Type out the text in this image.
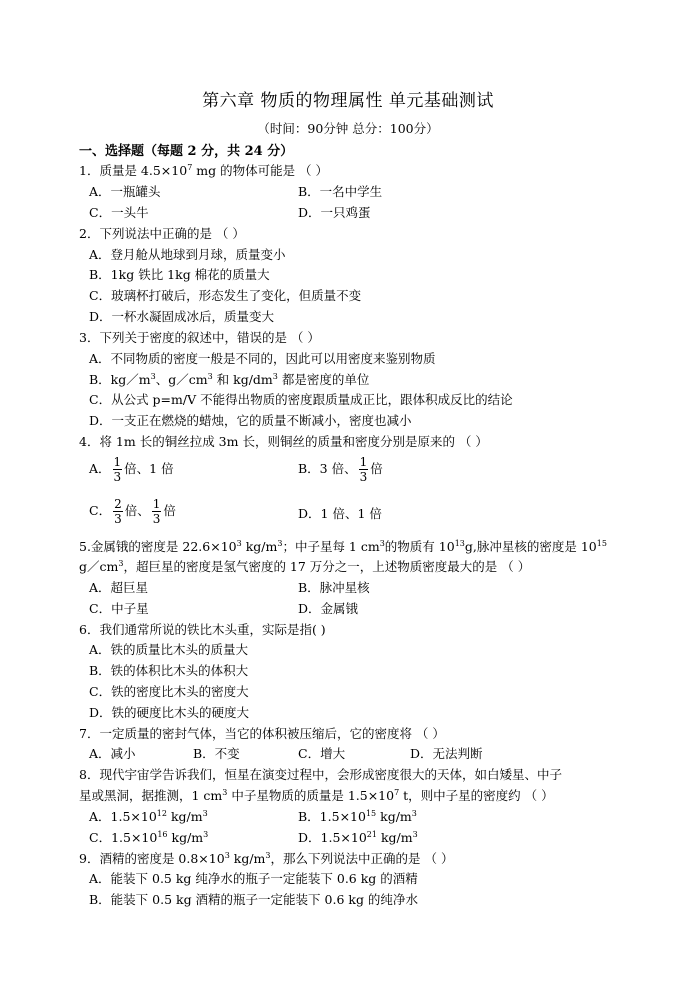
第六章 物质的物理属性 单元基础测试
（时间：90分钟 总分：100分）
一、选择题（每题 2 分，共 24 分）
1．质量是 $4.5\times 10^7$ mg 的物体可能是 （ ）
A．一瓶罐头	B．一名中学生
C．一头牛	D．一只鸡蛋
2．下列说法中正确的是 （ ）
A．登月舱从地球到月球，质量变小
B．1kg 铁比 1kg 棉花的质量大
C．玻璃杯打破后，形态发生了变化，但质量不变
D．一杯水凝固成冰后，质量变大
3．下列关于密度的叙述中，错误的是 （ ）
A．不同物质的密度一般是不同的，因此可以用密度来鉴别物质
B．$kg/m^3$、$g/cm^3$ 和 $kg/dm^3$ 都是密度的单位
C．从公式 p=m/V 不能得出物质的密度跟质量成正比，跟体积成反比的结论
D．一支正在燃烧的蜡烛，它的质量不断减小，密度也减小
4．将 1m 长的铜丝拉成 3m 长，则铜丝的质量和密度分别是原来的 （ ）
A． $\frac{1}{3}$ 倍、1 倍	B．3 倍、 $\frac{1}{3}$ 倍
C． $\frac{2}{3}$ 倍、 $\frac{1}{3}$ 倍	D．1 倍、1 倍
5.金属锇的密度是 $22.6\times 10^3$ $kg/m^3$；中子星每 1 $cm^3$的物质有 $10^{13}g$,脉冲星核的密度是 $10^{15}$
$g/cm^3$，超巨星的密度是氢气密度的 17 万分之一，上述物质密度最大的是 （ ）
A．超巨星	B．脉冲星核
C．中子星	D．金属锇
6．我们通常所说的铁比木头重，实际是指( )
A．铁的质量比木头的质量大
B．铁的体积比木头的体积大
C．铁的密度比木头的密度大
D．铁的硬度比木头的硬度大
7．一定质量的密封气体，当它的体积被压缩后，它的密度将 （ ）
A．减小	B．不变	C．增大	D．无法判断
8．现代宇宙学告诉我们，恒星在演变过程中，会形成密度很大的天体，如白矮星、中子
星或黑洞，据推测，1 $cm^3$ 中子星物质的质量是 $1.5\times 10^7$ t，则中子星的密度约 （ ）
A．$1.5\times 10^{12}$ $kg/m^3$	B．$1.5\times 10^{15}$ $kg/m^3$
C．$1.5\times 10^{16}$ $kg/m^3$	D．$1.5\times 10^{21}$ $kg/m^3$
9．酒精的密度是 $0.8\times 10^3$ $kg/m^3$，那么下列说法中正确的是 （ ）
A．能装下 0.5 kg 纯净水的瓶子一定能装下 0.6 kg 的酒精
B．能装下 0.5 kg 酒精的瓶子一定能装下 0.6 kg 的纯净水
